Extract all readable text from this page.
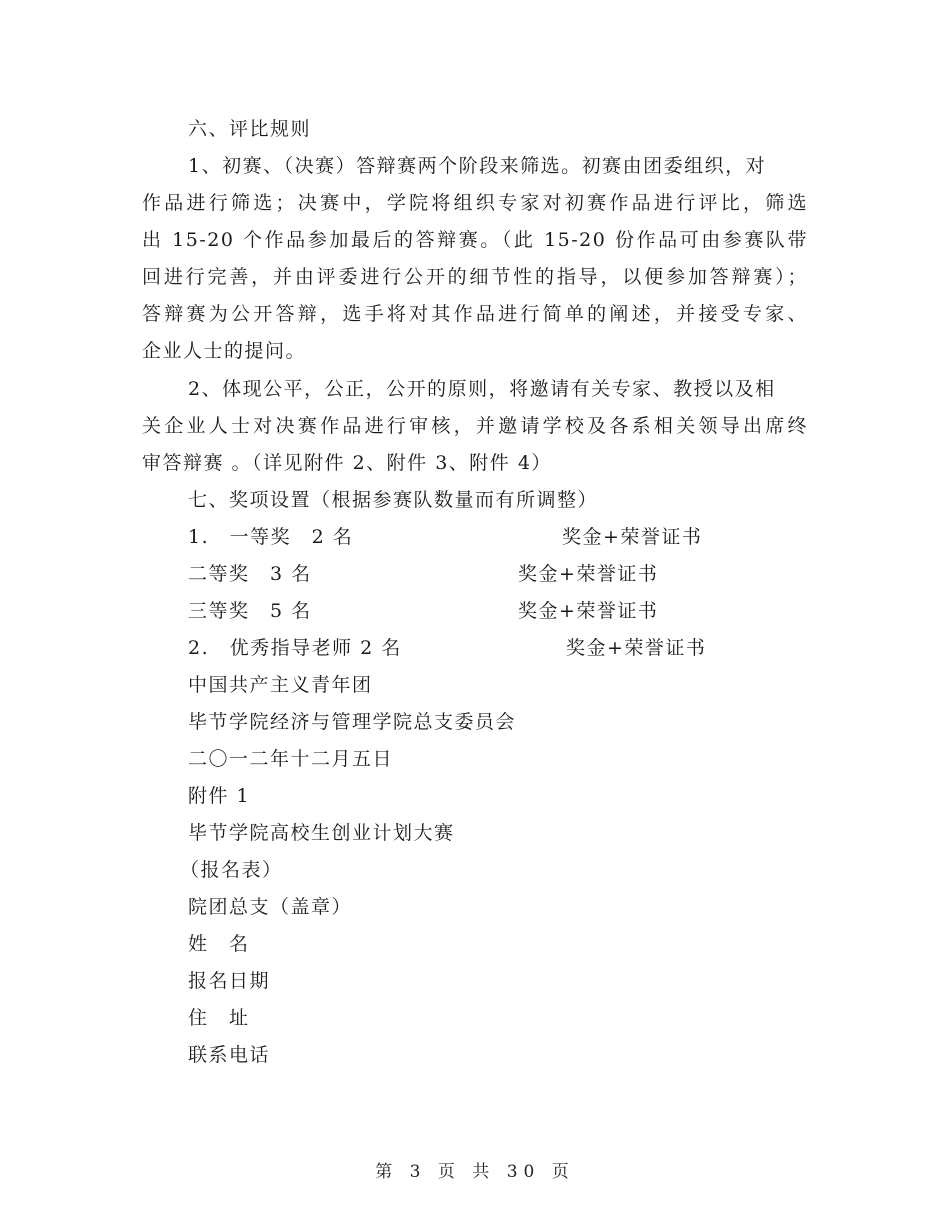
六、评比规则
1、初赛、（决赛）答辩赛两个阶段来筛选。初赛由团委组织，对
作品进行筛选；决赛中，学院将组织专家对初赛作品进行评比，筛选
出 15-20 个作品参加最后的答辩赛。（此 15-20 份作品可由参赛队带
回进行完善，并由评委进行公开的细节性的指导，以便参加答辩赛）；
答辩赛为公开答辩，选手将对其作品进行简单的阐述，并接受专家、
企业人士的提问。
2、体现公平，公正，公开的原则，将邀请有关专家、教授以及相
关企业人士对决赛作品进行审核，并邀请学校及各系相关领导出席终
审答辩赛 。（详见附件 2、附件 3、附件 4）
七、奖项设置（根据参赛队数量而有所调整）
1.　一等奖　2 名	奖金+荣誉证书
二等奖　3 名	奖金+荣誉证书
三等奖　5 名	奖金+荣誉证书
2.　优秀指导老师 2 名	奖金+荣誉证书
中国共产主义青年团
毕节学院经济与管理学院总支委员会
二〇一二年十二月五日
附件 1
毕节学院高校生创业计划大赛
（报名表）
院团总支（盖章）
姓　名
报名日期
住　址
联系电话
第 3 页 共 30 页
